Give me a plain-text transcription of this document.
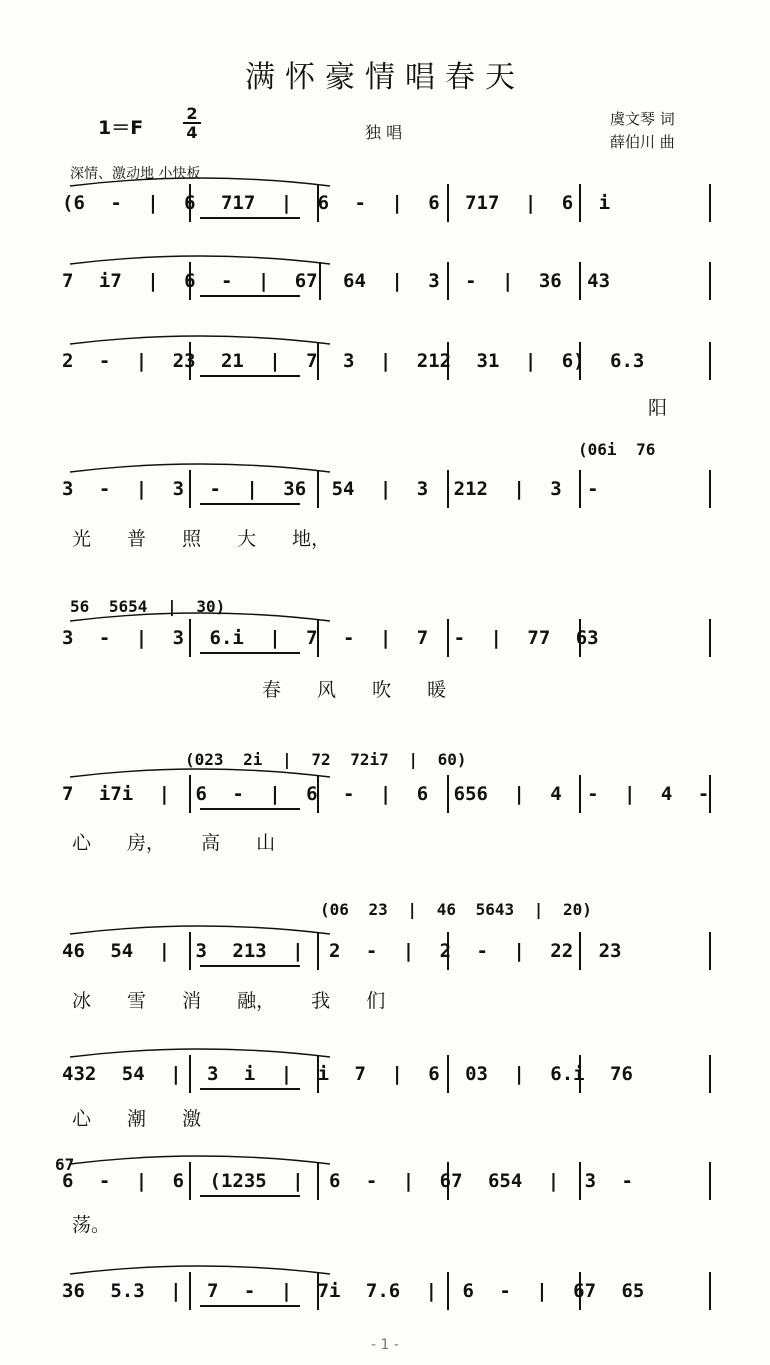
满怀豪情唱春天
1＝F
2
4	独 唱
虞文琴 词
薛伯川 曲
深情、激动地 小快板
(6 - | 6 717 | 6 - | 6 717 | 6 i
7 i7 | 6 - | 67 64 | 3 - | 36 43
2 - | 23 21 | 7 3 | 212 31 | 6) 6.3
阳
3 - | 3 - | 36 54 | 3 212 | 3 -
(06i 76
光 普 照 大 地，
3 - | 3 6.i | 7 - | 7 - | 77 63
56 5654 | 30)
春 风 吹 暖
7 i7i | 6 - | 6 - | 6 656 | 4 - | 4 -
(023 2i | 72 72i7 | 60)
心 房， 高 山
46 54 | 3 213 | 2 - | 2 - | 22 23
(06 23 | 46 5643 | 20)
冰 雪 消 融， 我 们
432 54 | 3 i | i 7 | 6 03 | 6.i 76
心 潮 激
6 - | 6 (1235 | 6 - | 67 654 | 3 -
67
荡。
36 5.3 | 7 - | 7i 7.6 | 6 - | 67 65
- 1 -
